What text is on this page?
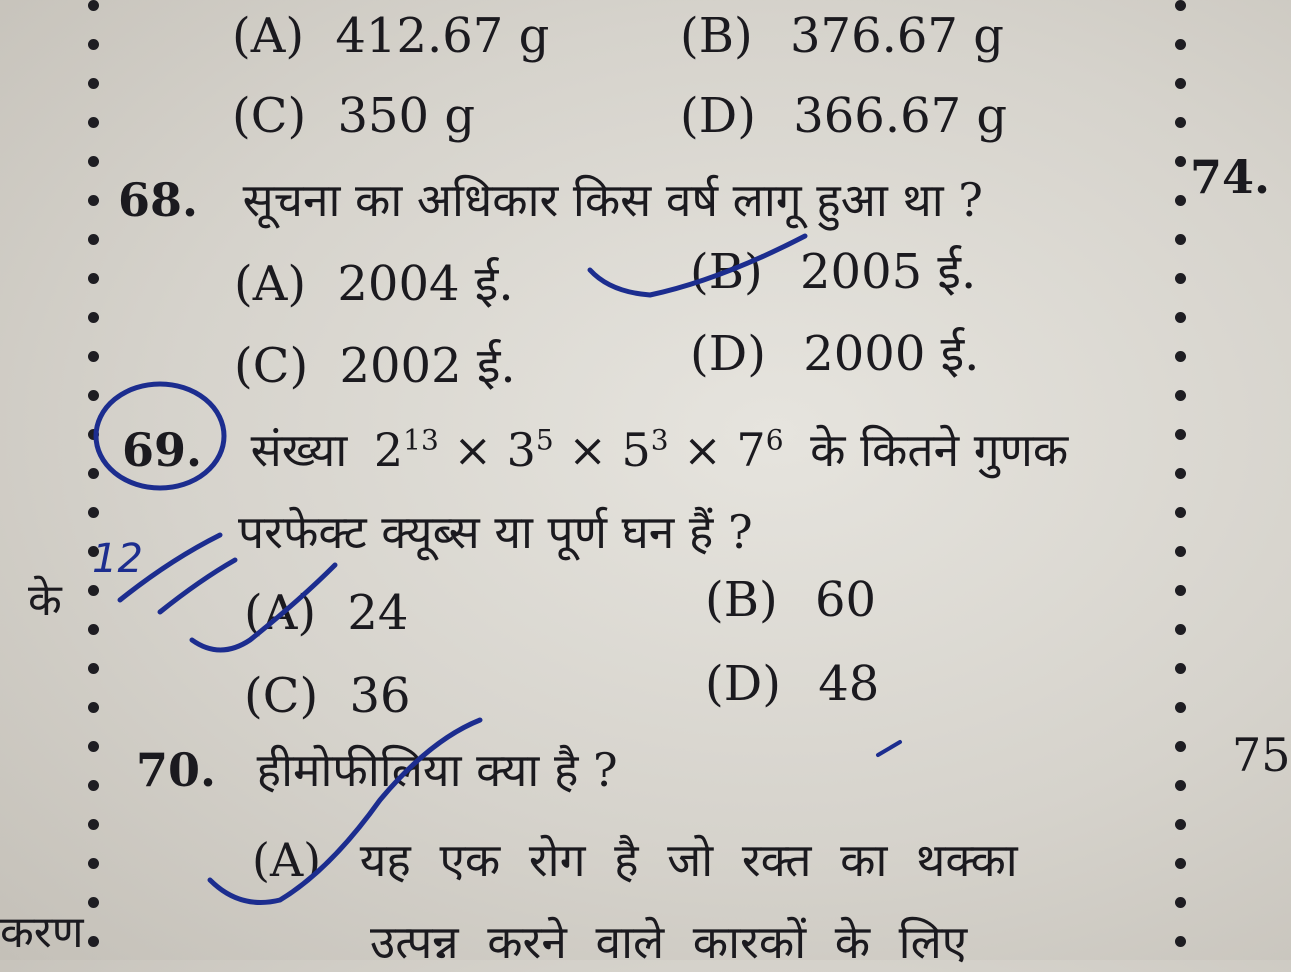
74.
75
के
करण
(A) 412.67 g	(B) 376.67 g
(C) 350 g	(D) 366.67 g
68. सूचना का अधिकार किस वर्ष लागू हुआ था ?
(A) 2004 ई.	(B) 2005 ई.
(C) 2002 ई.	(D) 2000 ई.
69. संख्या $2^{13} \times 3^5 \times 5^3 \times 7^6$ के कितने गुणक
परफेक्ट क्यूब्स या पूर्ण घन हैं ?
(A) 24	(B) 60
(C) 36	(D) 48
70. हीमोफीलिया क्या है ?
(A) यह एक रोग है जो रक्त का थक्का
उत्पन्न करने वाले कारकों के लिए
12
